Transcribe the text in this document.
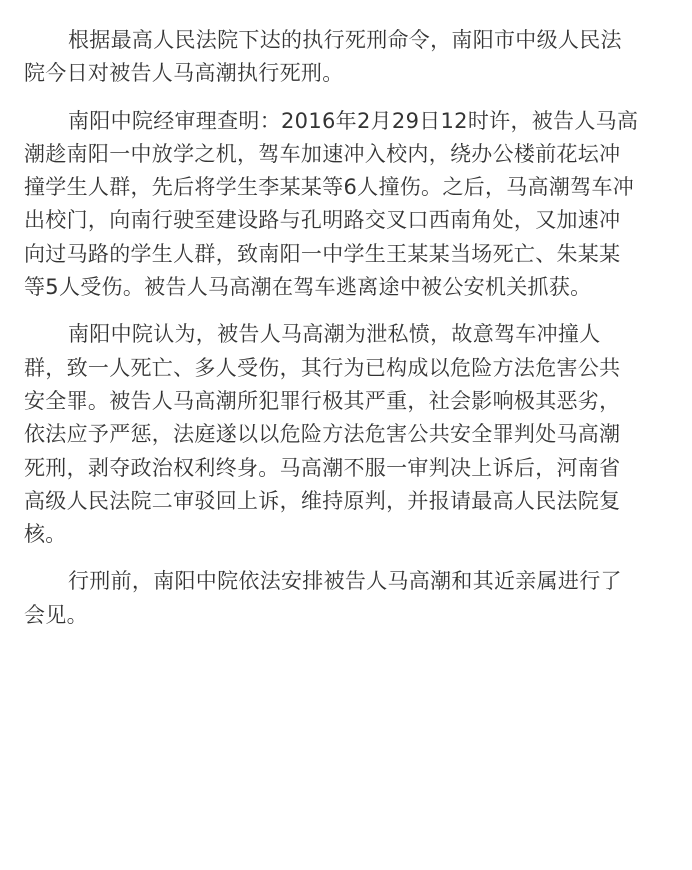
根据最高人民法院下达的执行死刑命令，南阳市中级人民法
院今日对被告人马高潮执行死刑。

南阳中院经审理查明：2016年2月29日12时许，被告人马高
潮趁南阳一中放学之机，驾车加速冲入校内，绕办公楼前花坛冲
撞学生人群，先后将学生李某某等6人撞伤。之后，马高潮驾车冲
出校门，向南行驶至建设路与孔明路交叉口西南角处，又加速冲
向过马路的学生人群，致南阳一中学生王某某当场死亡、朱某某
等5人受伤。被告人马高潮在驾车逃离途中被公安机关抓获。

南阳中院认为，被告人马高潮为泄私愤，故意驾车冲撞人
群，致一人死亡、多人受伤，其行为已构成以危险方法危害公共
安全罪。被告人马高潮所犯罪行极其严重，社会影响极其恶劣，
依法应予严惩，法庭遂以以危险方法危害公共安全罪判处马高潮
死刑，剥夺政治权利终身。马高潮不服一审判决上诉后，河南省
高级人民法院二审驳回上诉，维持原判，并报请最高人民法院复
核。

行刑前，南阳中院依法安排被告人马高潮和其近亲属进行了
会见。
